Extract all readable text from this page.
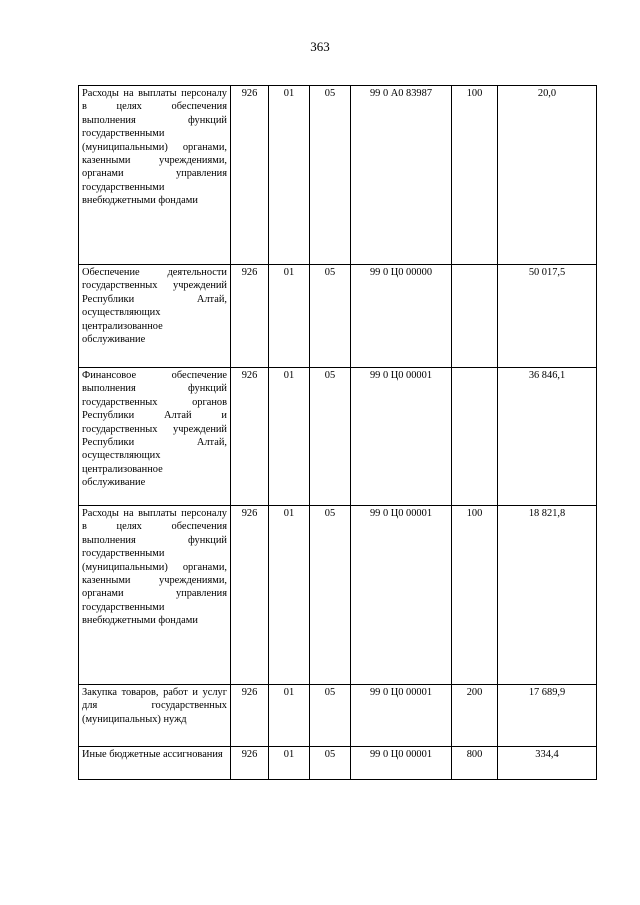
363
Расходы на выплаты персоналу в целях обеспечения выполнения функций государственными (муниципальными) органами, казенными учреждениями, органами управления государственными внебюджетными фондами	926	01	05	99 0 А0 83987	100	20,0
Обеспечение деятельности государственных учреждений Республики Алтай, осуществляющих централизованное обслуживание	926	01	05	99 0 Ц0 00000		50 017,5
Финансовое обеспечение выполнения функций государственных органов Республики Алтай и государственных учреждений Республики Алтай, осуществляющих централизованное обслуживание	926	01	05	99 0 Ц0 00001		36 846,1
Расходы на выплаты персоналу в целях обеспечения выполнения функций государственными (муниципальными) органами, казенными учреждениями, органами управления государственными внебюджетными фондами	926	01	05	99 0 Ц0 00001	100	18 821,8
Закупка товаров, работ и услуг для государственных (муниципальных) нужд	926	01	05	99 0 Ц0 00001	200	17 689,9
Иные бюджетные ассигнования	926	01	05	99 0 Ц0 00001	800	334,4
